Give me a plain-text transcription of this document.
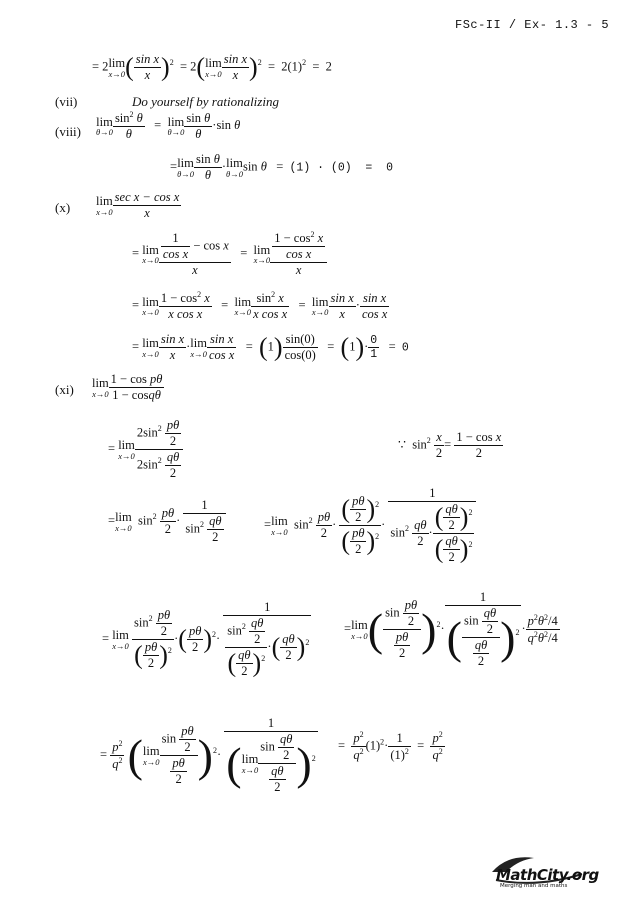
FSc-II / Ex- 1.3 - 5
= 2lim
x→0 ( $\frac{\text{sin x}}{x} )^2 = 2(\lim$
$x\to 0 \frac{\text{sin x}}{x} )^2 = 2(1)^2 = 2$
(vii)	Do yourself by rationalizing
(viii)
lim
$\theta\to 0 \frac{\sin^2 \theta}{\theta} = \lim$
$\theta\to 0 \frac{\text{sin θ}}{\theta} \cdot\sin$ θ
=lim
$\theta\to 0 \frac{\text{sin θ}}{\theta} \cdot\lim$
θ→0
sin θ   =  (1) · (0)  =  0
(x) lim
$x\to 0 \frac{\text{sec x − cos x}}{x}$
= lim
$x\to 0 \frac{\frac{1}{\text{cos x}} - \cos x}{x} = \lim$
$x\to 0 \frac{\frac{1 - \cos^2 x}{\text{cos x}}}{x}$
= lim
$x\to 0 \frac{1 - \cos^2 x}{\text{x cos x}} = \lim$
$x\to 0 \frac{\sin^2 x}{\text{x cos x}} = \lim$
$x\to 0 \frac{\text{sin x}}{x} \cdot \frac{\text{sin x}}{\text{cos x}}$
= lim
$x\to 0 \frac{\text{sin x}}{x} \cdot\lim$
$x\to 0 \frac{\text{sin x}}{\text{cos x}} = (1) \frac{\sin(0)}{\cos(0)} = (1)\cdot \frac{0}{1} = 0$
(xi) lim
$x\to 0 \frac{\text{1 − cos pθ}}{1 - \cos q\theta}$
= lim
$x\to 0 \frac{2\sin^2 \frac{p\theta}{2}}{2\sin^2 \frac{q\theta}{2}}$	∵  $\sin^2 \frac{x}{2} = \frac{\text{1 − cos x}}{2}$
=lim
x→0
$\sin^2 \frac{p\theta}{2} \cdot \frac{1}{\sin^2 \frac{q\theta}{2}}$	=lim
x→0
$\sin^2 \frac{p\theta}{2} \cdot \frac{( \frac{p\theta}{2} )^2}{( \frac{p\theta}{2} )^2} \cdot \frac{1}{\sin^2 \frac{q\theta}{2} \cdot \frac{( \frac{q\theta}{2} )^2}{( \frac{q\theta}{2} )^2}}$
= lim
x→0
$\frac{\sin^2 \frac{p\theta}{2}}{( \frac{p\theta}{2} )^2}$ ·( $\frac{p\theta}{2} )^2\cdot \frac{1}{\frac{\sin^2 \frac{q\theta}{2}}{( \frac{q\theta}{2} )^2} \cdot( \frac{q\theta}{2} )^2}$	=lim
x→0 ( $\frac{\sin \frac{p\theta}{2}}{\frac{p\theta}{2}} )^2\cdot \frac{1}{( \frac{\sin \frac{q\theta}{2}}{\frac{q\theta}{2}} )^2} \cdot \frac{p^2\theta^2/4}{q^2\theta^2/4}$
= $\frac{p^2}{q^2} (\lim$
$x\to 0 \frac{\sin \frac{p\theta}{2}}{\frac{p\theta}{2}} )^2\cdot 1$
(lim
$x\to 0 \frac{\sin \frac{q\theta}{2}}{\frac{q\theta}{2}} )^2 = \frac{p^2}{q^2} (1)^2\cdot \frac{1}{(1)^2} = \frac{p^2}{q^2}$
MathCity.org
Merging man and maths
